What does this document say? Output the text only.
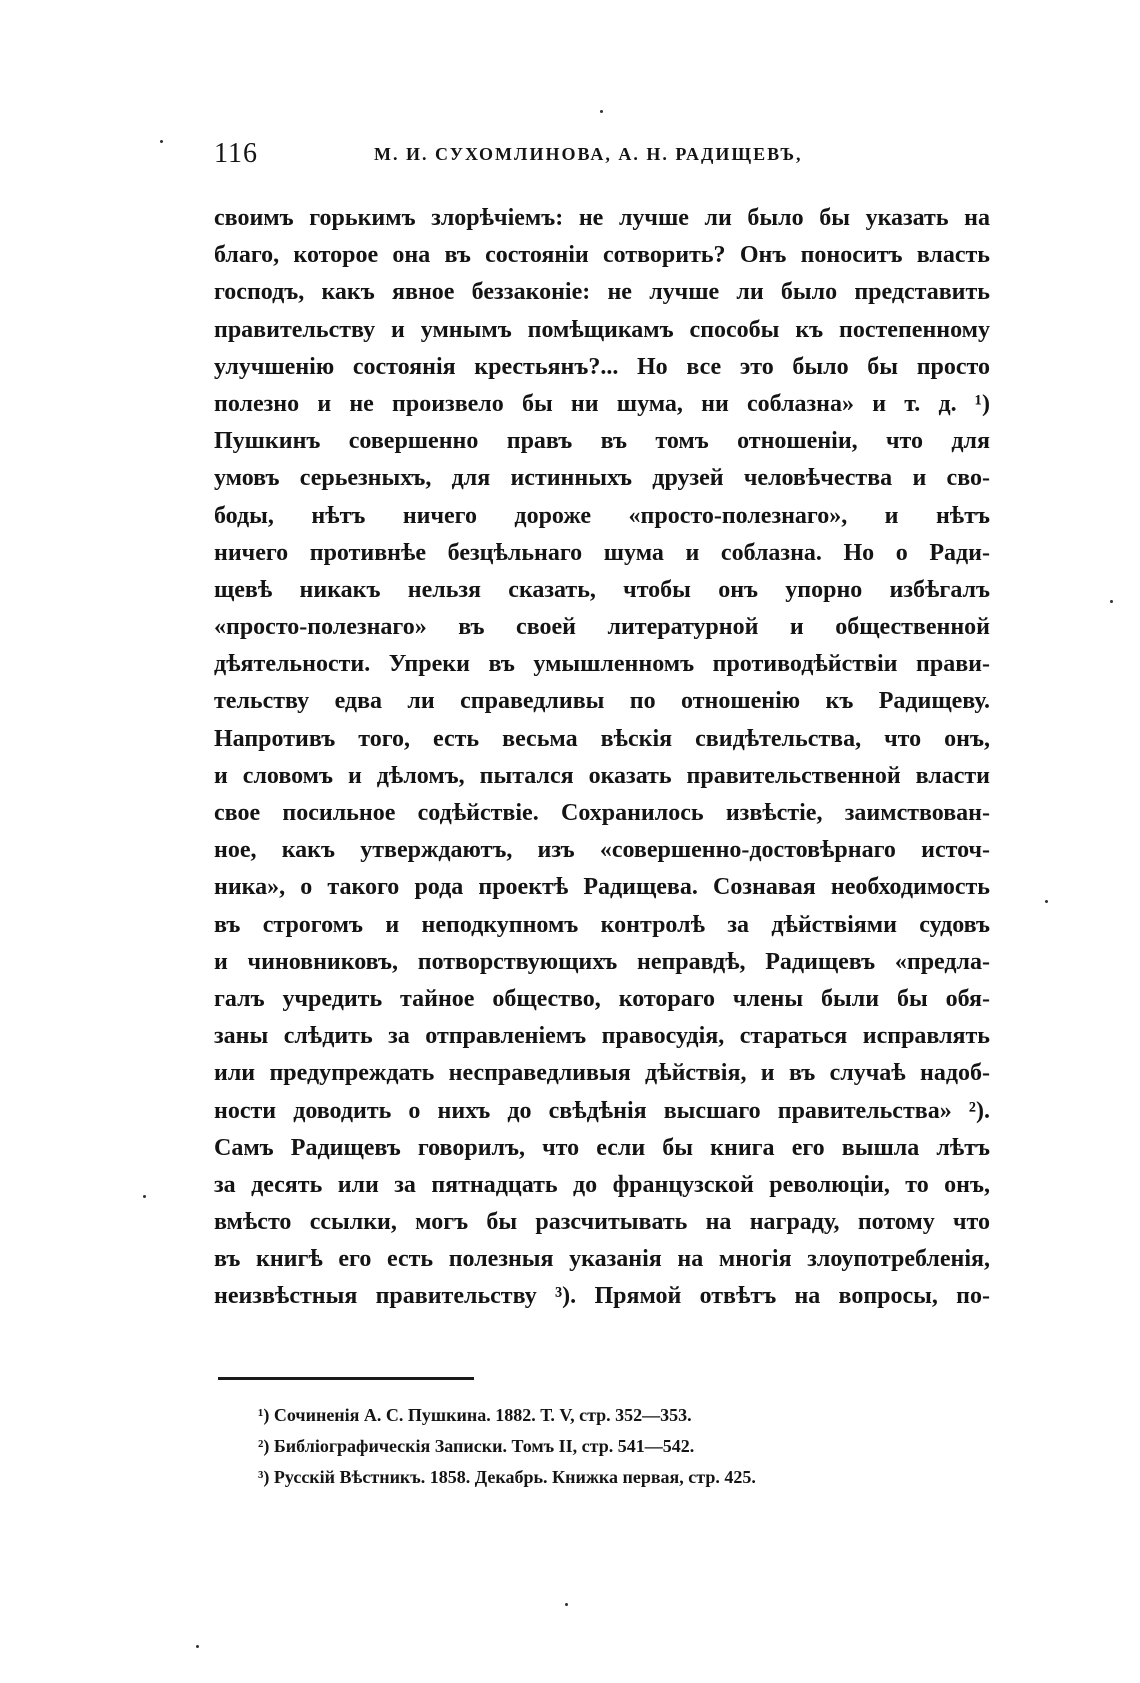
116	М. И. СУХОМЛИНОВА, А. Н. РАДИЩЕВЪ,
своимъ горькимъ злорѣчіемъ: не лучше ли было бы указать на
благо, которое она въ состояніи сотворить? Онъ поноситъ власть
господъ, какъ явное беззаконіе: не лучше ли было представить
правительству и умнымъ помѣщикамъ способы къ постепенному
улучшенію состоянія крестьянъ?... Но все это было бы просто
полезно и не произвело бы ни шума, ни соблазна» и т. д. ¹)
Пушкинъ совершенно правъ въ томъ отношеніи, что для
умовъ серьезныхъ, для истинныхъ друзей человѣчества и сво-
боды, нѣтъ ничего дороже «просто-полезнаго», и нѣтъ
ничего противнѣе безцѣльнаго шума и соблазна. Но о Ради-
щевѣ никакъ нельзя сказать, чтобы онъ упорно избѣгалъ
«просто-полезнаго» въ своей литературной и общественной
дѣятельности. Упреки въ умышленномъ противодѣйствіи прави-
тельству едва ли справедливы по отношенію къ Радищеву.
Напротивъ того, есть весьма вѣскія свидѣтельства, что онъ,
и словомъ и дѣломъ, пытался оказать правительственной власти
свое посильное содѣйствіе. Сохранилось извѣстіе, заимствован-
ное, какъ утверждаютъ, изъ «совершенно-достовѣрнаго источ-
ника», о такого рода проектѣ Радищева. Сознавая необходимость
въ строгомъ и неподкупномъ контролѣ за дѣйствіями судовъ
и чиновниковъ, потворствующихъ неправдѣ, Радищевъ «предла-
галъ учредить тайное общество, котораго члены были бы обя-
заны слѣдить за отправленіемъ правосудія, стараться исправлять
или предупреждать несправедливыя дѣйствія, и въ случаѣ надоб-
ности доводить о нихъ до свѣдѣнія высшаго правительства» ²).
Самъ Радищевъ говорилъ, что если бы книга его вышла лѣтъ
за десять или за пятнадцать до французской революціи, то онъ,
вмѣсто ссылки, могъ бы разсчитывать на награду, потому что
въ книгѣ его есть полезныя указанія на многія злоупотребленія,
неизвѣстныя правительству ³). Прямой отвѣтъ на вопросы, по-
¹) Сочиненія А. С. Пушкина. 1882. Т. V, стр. 352—353.
²) Библіографическія Записки. Томъ II, стр. 541—542.
³) Русскій Вѣстникъ. 1858. Декабрь. Книжка первая, стр. 425.
